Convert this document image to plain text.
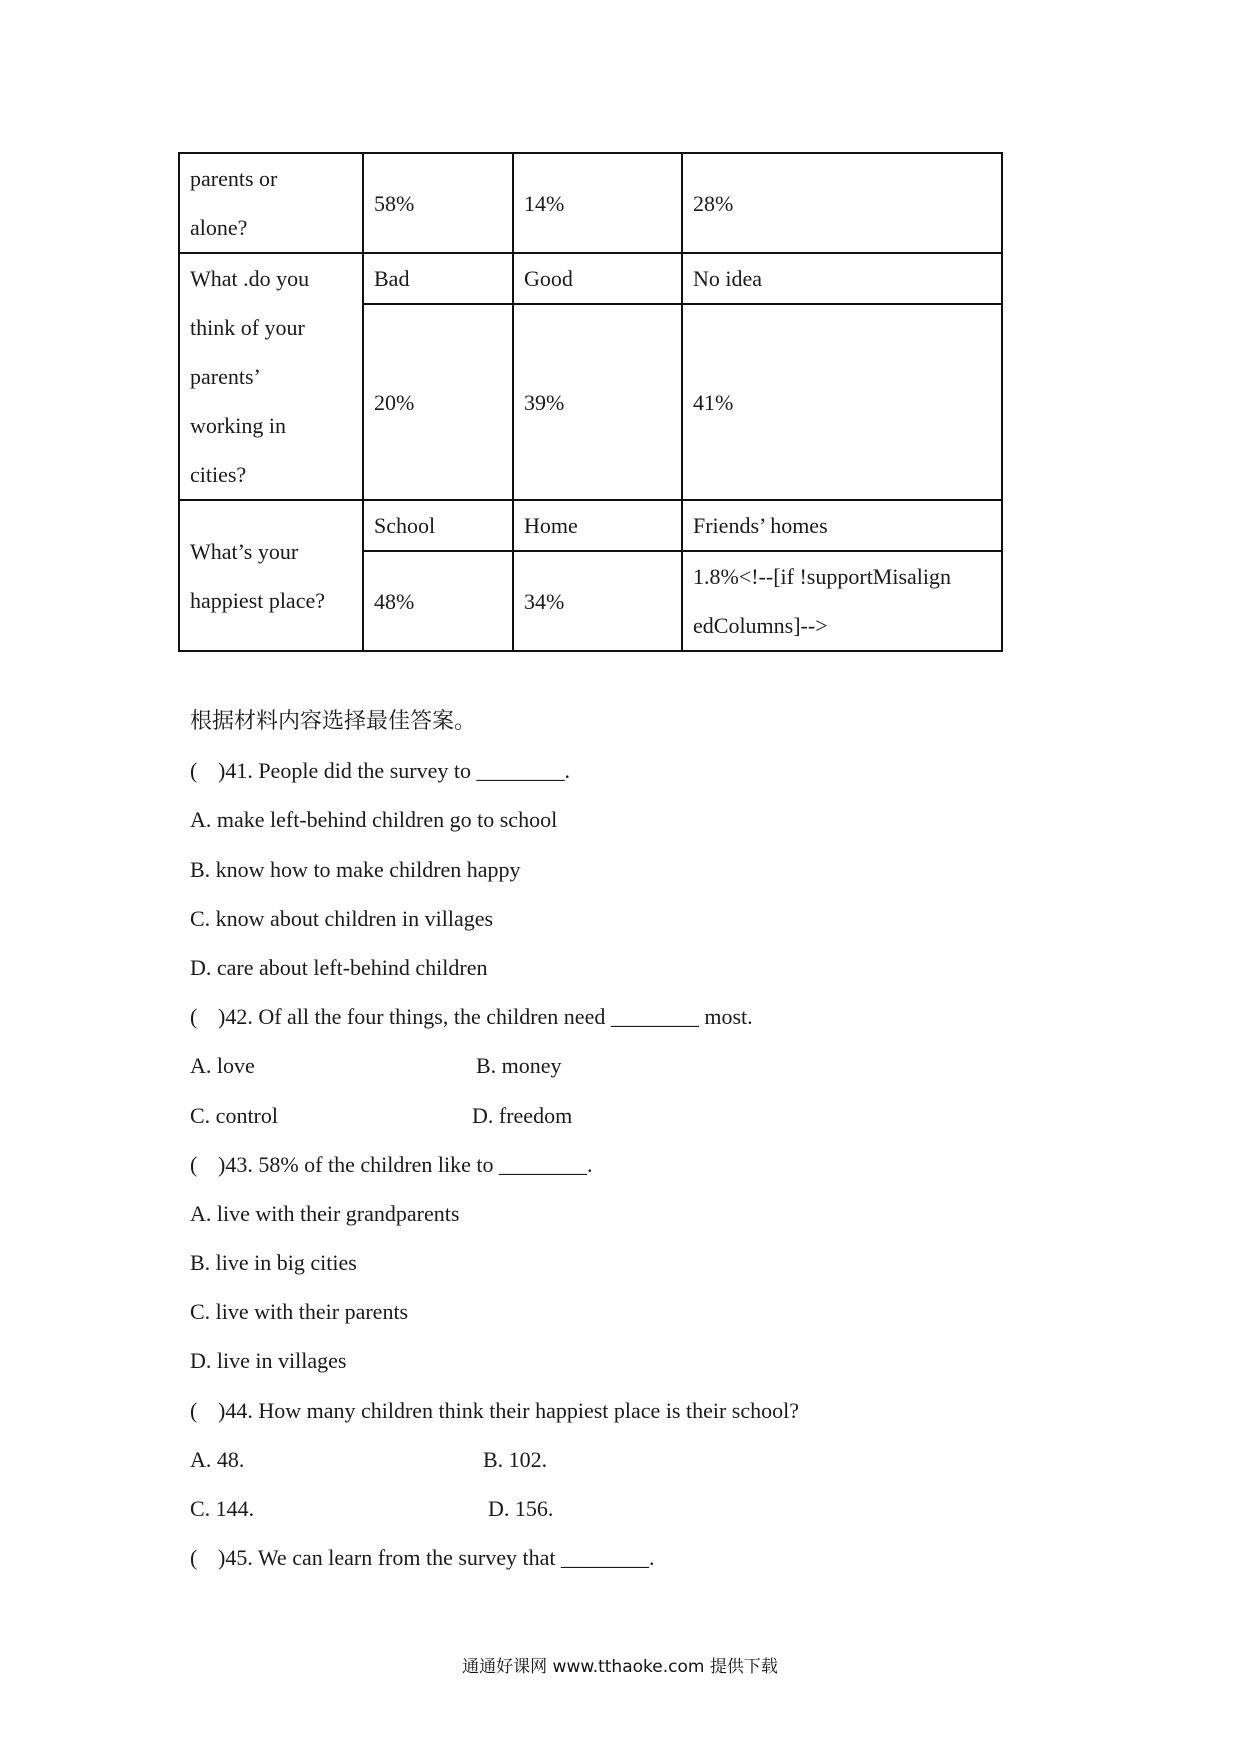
parents or
alone?	58%	14%	28%

What .do you
think of your
parents’
working in
cities?	Bad	Good	No idea
	20%	39%	41%

What’s your
happiest place?	School	Home	Friends’ homes
	48%	34%	1.8%<!--[if !supportMisalign
edColumns]-->
根据材料内容选择最佳答案。
( )41. People did the survey to ________.
A. make left-behind children go to school
B. know how to make children happy
C. know about children in villages
D. care about left-behind children
( )42. Of all the four things, the children need ________ most.
A. love	B. money
C. control	D. freedom
( )43. 58% of the children like to ________.
A. live with their grandparents
B. live in big cities
C. live with their parents
D. live in villages
( )44. How many children think their happiest place is their school?
A. 48.	B. 102.
C. 144.	D. 156.
( )45. We can learn from the survey that ________.
通通好课网 www.tthaoke.com 提供下载
